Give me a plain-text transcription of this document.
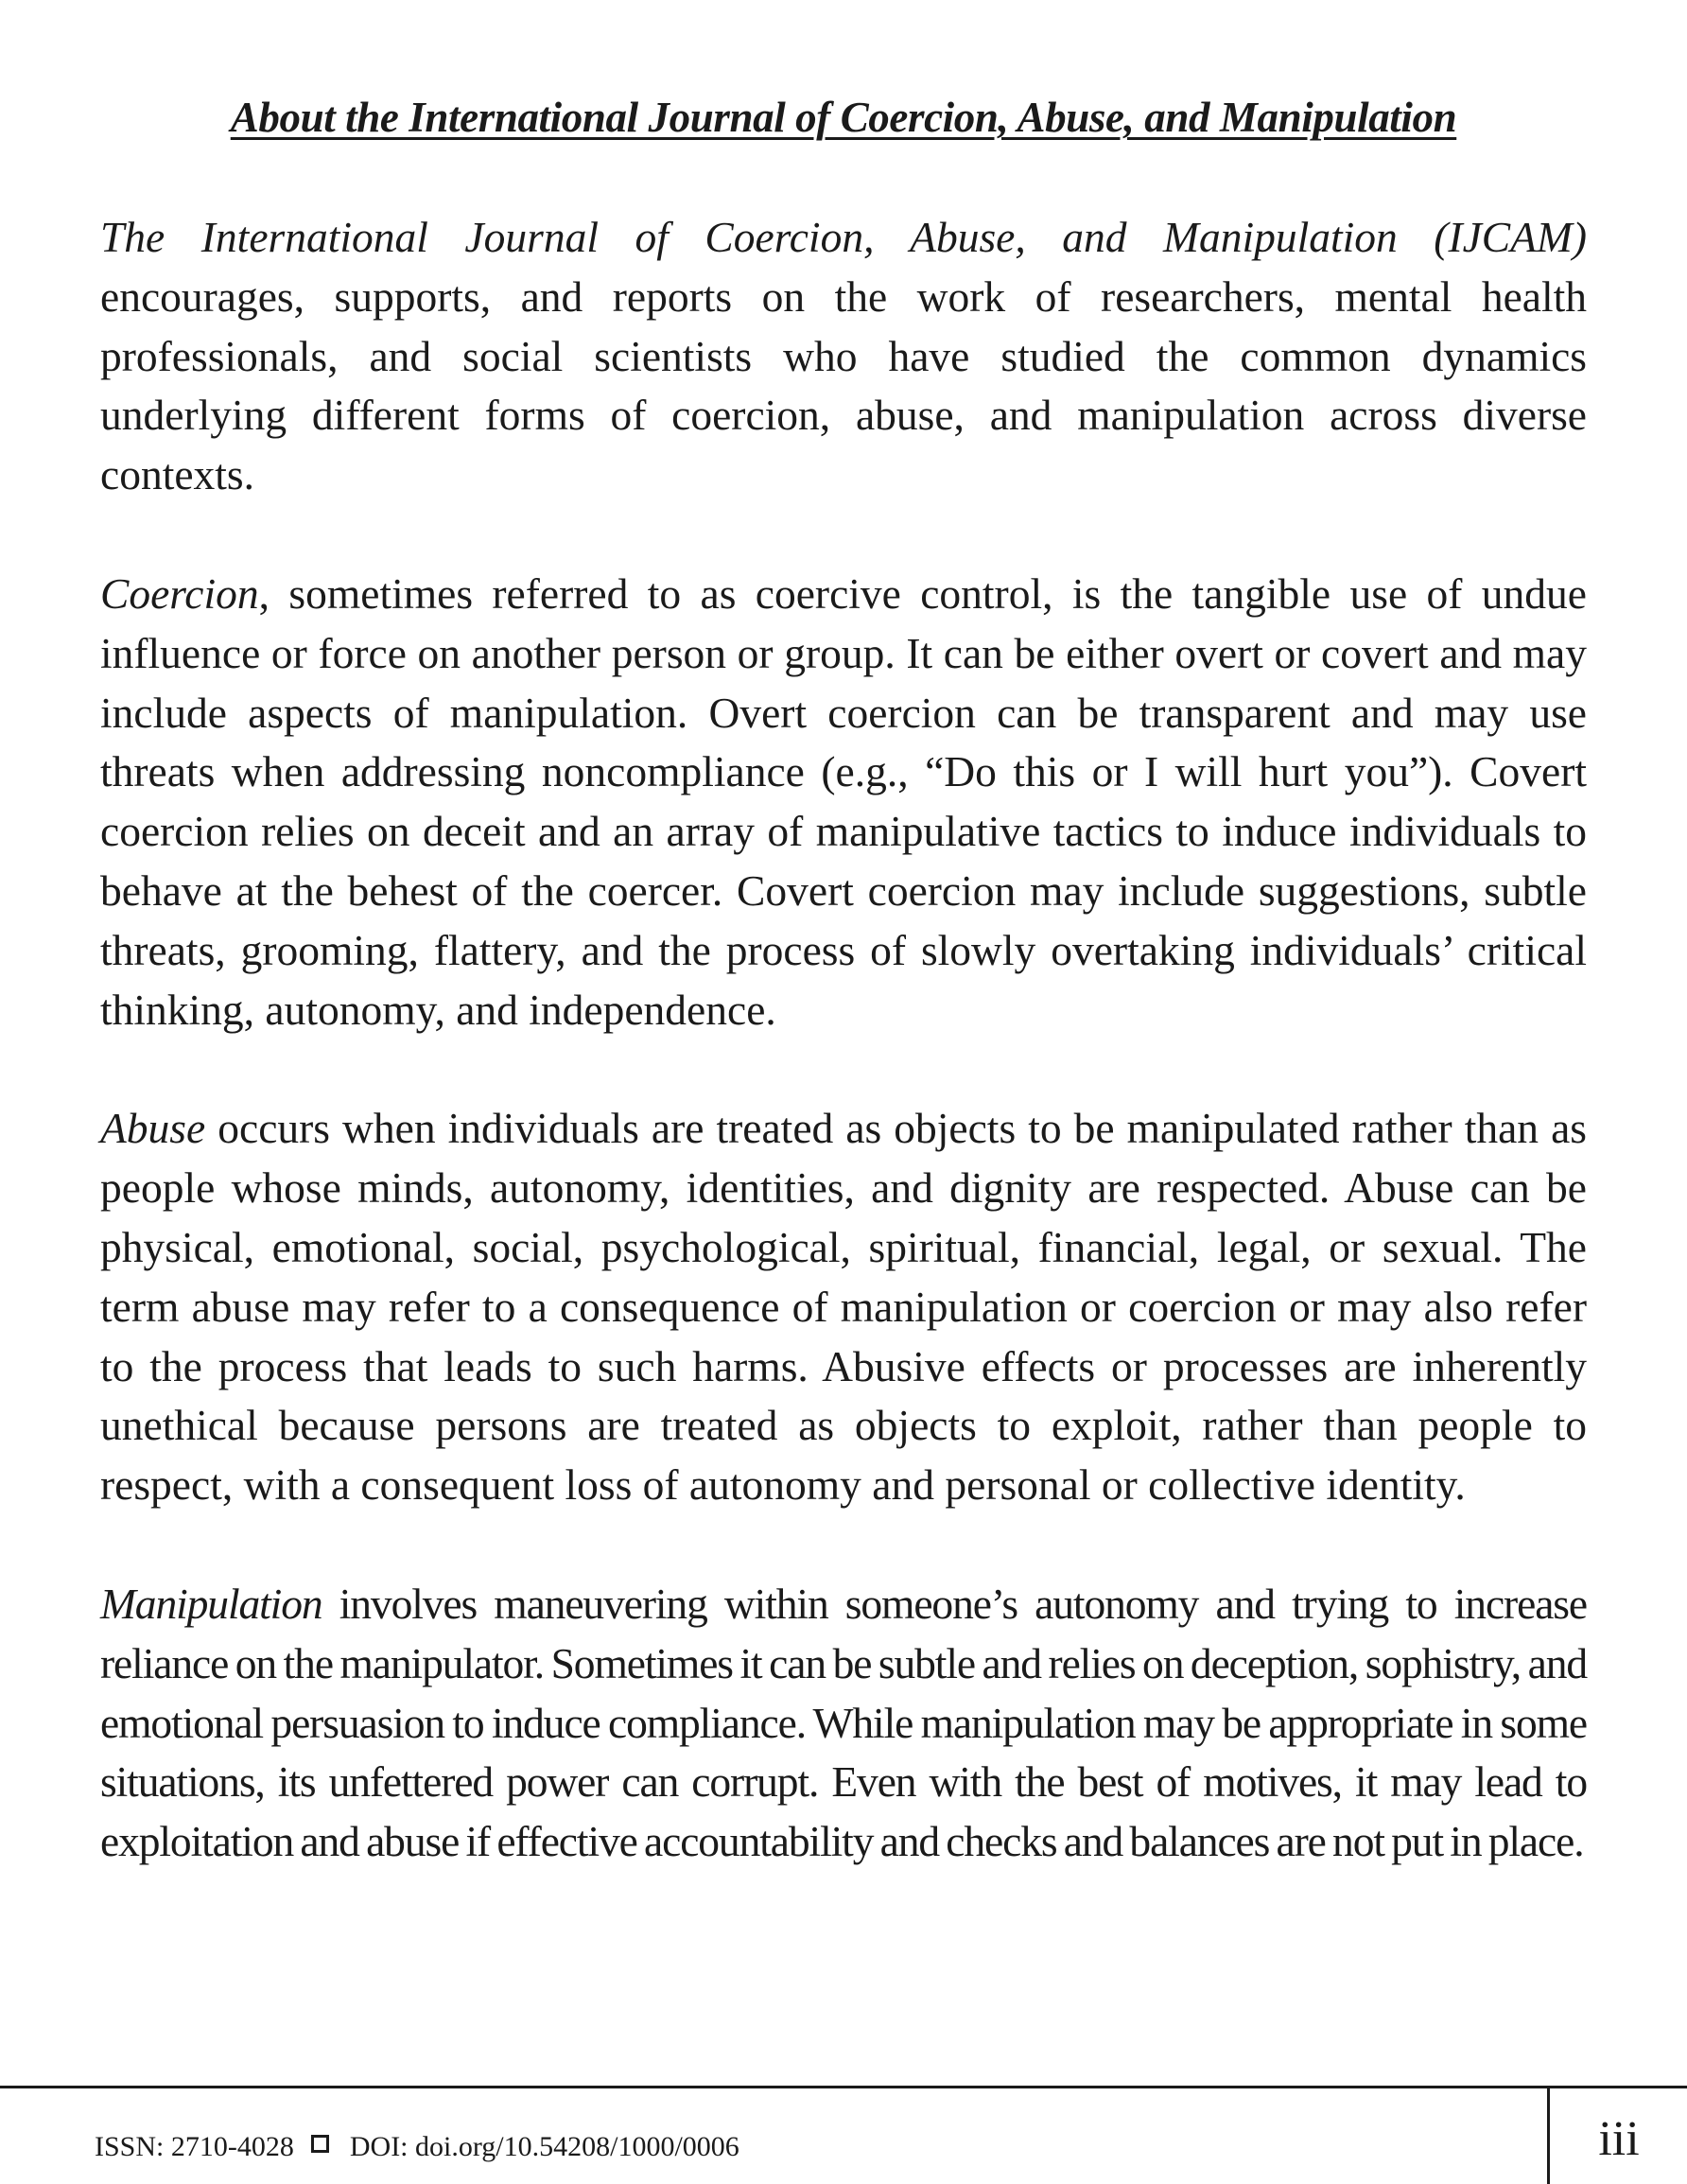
About the International Journal of Coercion, Abuse, and Manipulation

The International Journal of Coercion, Abuse, and Manipulation (IJCAM) encourages, supports, and reports on the work of researchers, mental health professionals, and social scientists who have studied the common dynamics underlying different forms of coercion, abuse, and manipulation across diverse contexts.

Coercion, sometimes referred to as coercive control, is the tangible use of undue influence or force on another person or group. It can be either overt or covert and may include aspects of manipulation. Overt coercion can be transparent and may use threats when addressing noncompliance (e.g., “Do this or I will hurt you”). Covert coercion relies on deceit and an array of manipulative tactics to induce individuals to behave at the behest of the coercer. Covert coercion may include suggestions, subtle threats, grooming, flattery, and the process of slowly overtaking individuals’ critical thinking, autonomy, and independence.

Abuse occurs when individuals are treated as objects to be manipulated rather than as people whose minds, autonomy, identities, and dignity are respected. Abuse can be physical, emotional, social, psychological, spiritual, financial, legal, or sexual. The term abuse may refer to a consequence of manipulation or coercion or may also refer to the process that leads to such harms. Abusive effects or processes are inherently unethical because persons are treated as objects to exploit, rather than people to respect, with a consequent loss of autonomy and personal or collective identity.

Manipulation involves maneuvering within someone’s autonomy and trying to increase reliance on the manipulator. Sometimes it can be subtle and relies on deception, sophistry, and emotional persuasion to induce compliance. While manipulation may be appropriate in some situations, its unfettered power can corrupt. Even with the best of motives, it may lead to exploitation and abuse if effective accountability and checks and balances are not put in place.

ISSN: 2710-4028 DOI: doi.org/10.54208/1000/0006	iii
